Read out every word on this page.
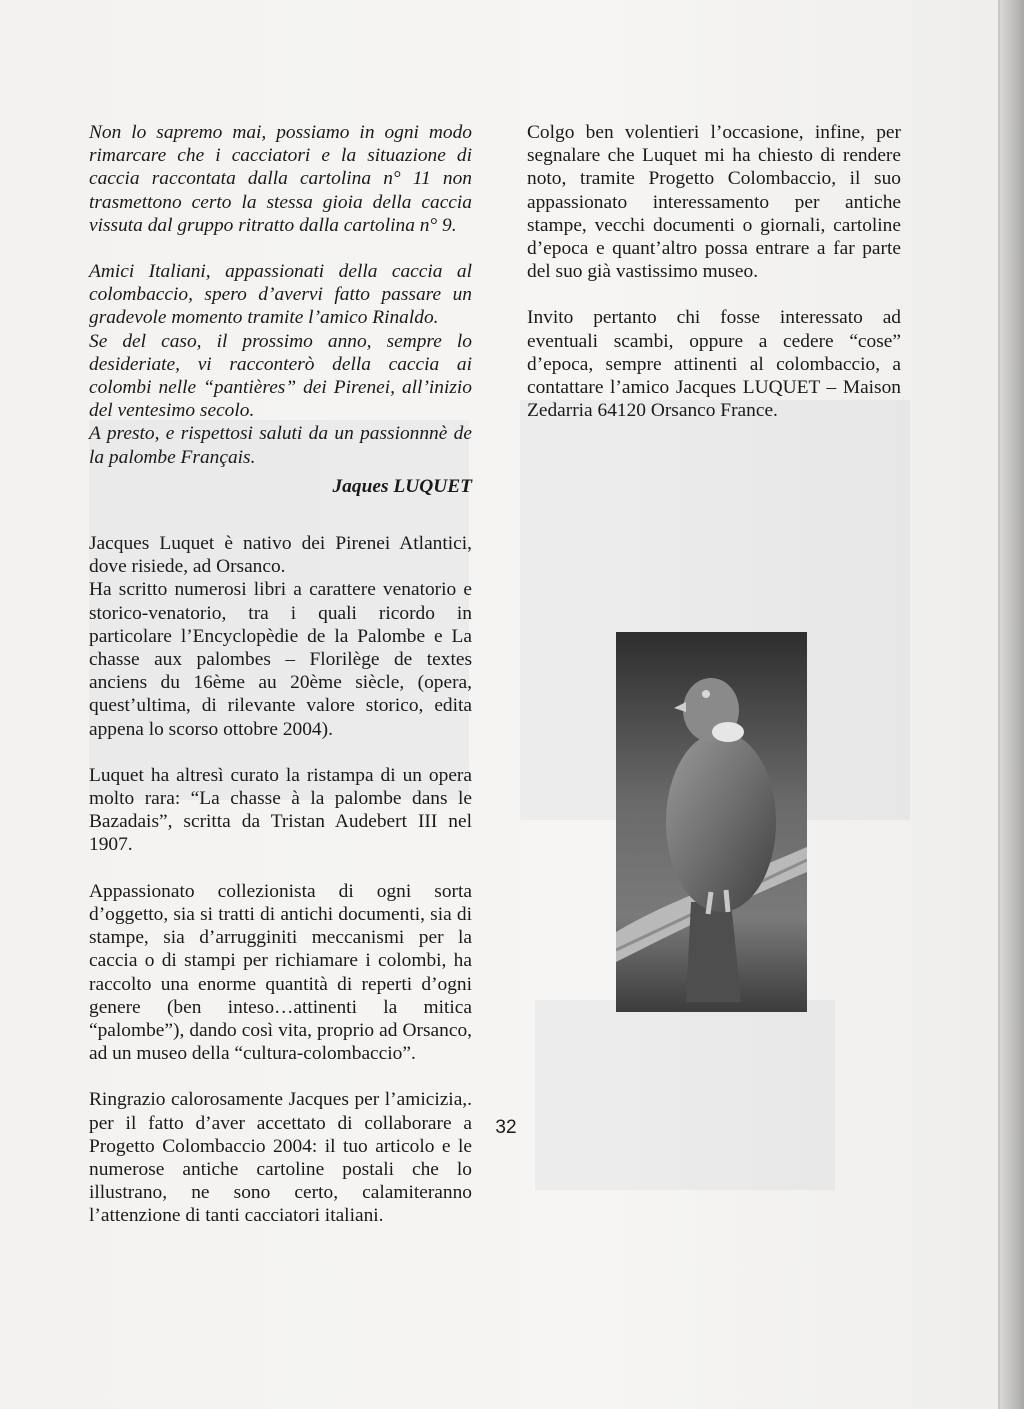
Non lo sapremo mai, possiamo in ogni modo rimarcare che i cacciatori e la situazione di caccia raccontata dalla cartolina n° 11 non trasmettono certo la stessa gioia della caccia vissuta dal gruppo ritratto dalla cartolina n° 9.

Amici Italiani, appassionati della caccia al colombaccio, spero d’avervi fatto passare un gradevole momento tramite l’amico Rinaldo.

Se del caso, il prossimo anno, sempre lo desideriate, vi racconterò della caccia ai colombi nelle “pantières” dei Pirenei, all’inizio del ventesimo secolo.

A presto, e rispettosi saluti da un passionnnè de la palombe Français.

Jaques LUQUET

Jacques Luquet è nativo dei Pirenei Atlantici, dove risiede, ad Orsanco.

Ha scritto numerosi libri a carattere venatorio e storico-venatorio, tra i quali ricordo in particolare l’Encyclopèdie de la Palombe e La chasse aux palombes – Florilège de textes anciens du 16ème au 20ème siècle, (opera, quest’ultima, di rilevante valore storico, edita appena lo scorso ottobre 2004).

Luquet ha altresì curato la ristampa di un opera molto rara: “La chasse à la palombe dans le Bazadais”, scritta da Tristan Audebert III nel 1907.

Appassionato collezionista di ogni sorta d’oggetto, sia si tratti di antichi documenti, sia di stampe, sia d’arrugginiti meccanismi per la caccia o di stampi per richiamare i colombi, ha raccolto una enorme quantità di reperti d’ogni genere (ben inteso…attinenti la mitica “palombe”), dando così vita, proprio ad Orsanco, ad un museo della “cultura-colombaccio”.

Ringrazio calorosamente Jacques per l’amicizia,. per il fatto d’aver accettato di collaborare a Progetto Colombaccio 2004: il tuo articolo e le numerose antiche cartoline postali che lo illustrano, ne sono certo, calamiteranno l’attenzione di tanti cacciatori italiani.

Colgo ben volentieri l’occasione, infine, per segnalare che Luquet mi ha chiesto di rendere noto, tramite Progetto Colombaccio, il suo appassionato interessamento per antiche stampe, vecchi documenti o giornali, cartoline d’epoca e quant’altro possa entrare a far parte del suo già vastissimo museo.

Invito pertanto chi fosse interessato ad eventuali scambi, oppure a cedere “cose” d’epoca, sempre attinenti al colombaccio, a contattare l’amico Jacques LUQUET – Maison Zedarria 64120 Orsanco France.

32
